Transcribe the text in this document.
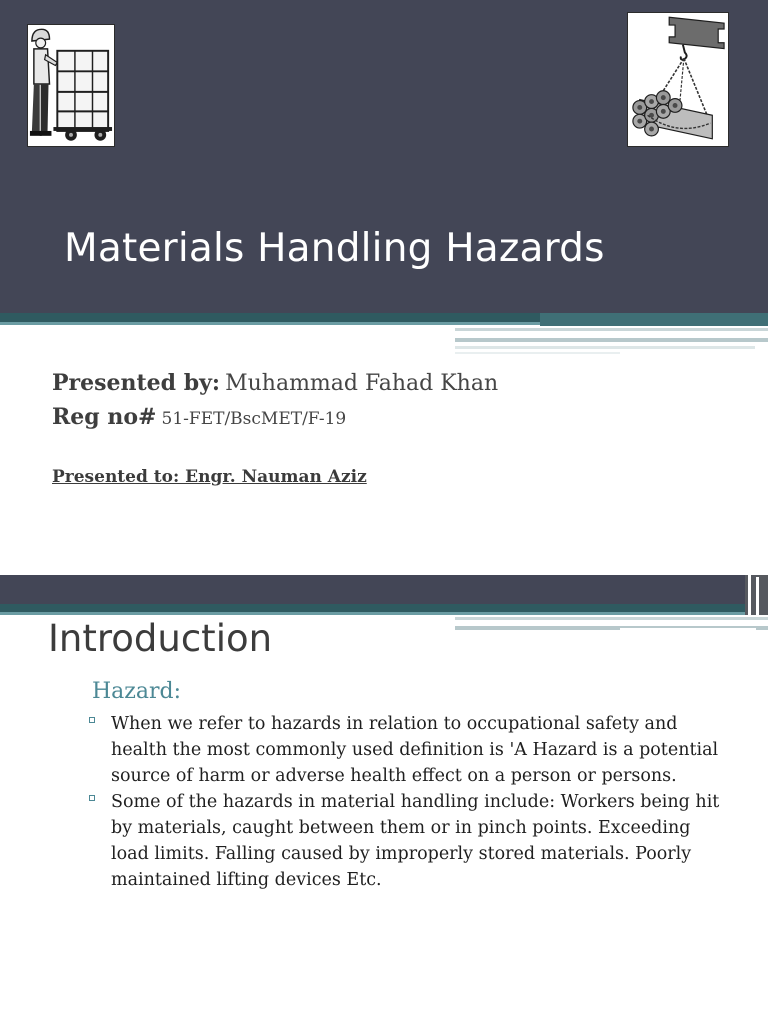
Materials Handling Hazards
Presented by: Muhammad Fahad Khan
Reg no# 51-FET/BscMET/F-19
Presented to: Engr. Nauman Aziz
Introduction
Hazard:
When we refer to hazards in relation to occupational safety and health the most commonly used definition is 'A Hazard is a potential source of harm or adverse health effect on a person or persons.
Some of the hazards in material handling include: Workers being hit by materials, caught between them or in pinch points. Exceeding load limits. Falling caused by improperly stored materials. Poorly maintained lifting devices Etc.
